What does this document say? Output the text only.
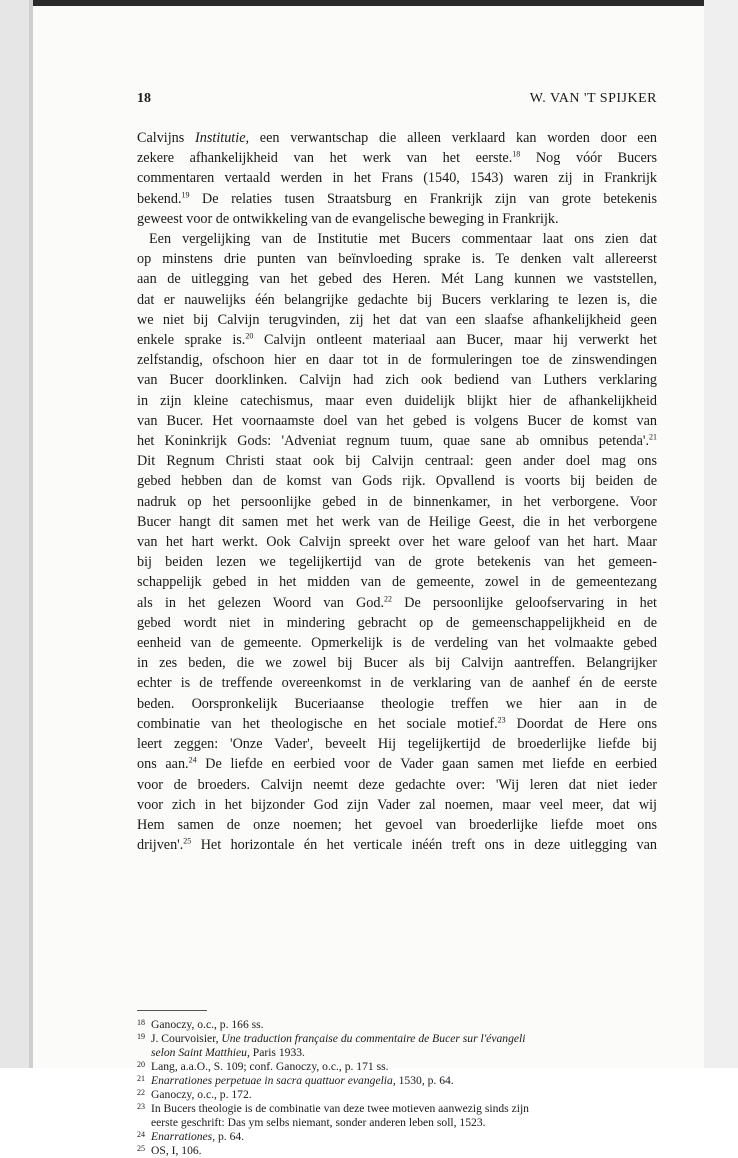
18	W. VAN 'T SPIJKER
Calvijns Institutie, een verwantschap die alleen verklaard kan worden door een
zekere afhankelijkheid van het werk van het eerste.$^{18}$ Nog vóór Bucers
commentaren vertaald werden in het Frans (1540, 1543) waren zij in Frankrijk
bekend.$^{19}$ De relaties tusen Straatsburg en Frankrijk zijn van grote betekenis
geweest voor de ontwikkeling van de evangelische beweging in Frankrijk.
Een vergelijking van de Institutie met Bucers commentaar laat ons zien dat
op minstens drie punten van beïnvloeding sprake is. Te denken valt allereerst
aan de uitlegging van het gebed des Heren. Mét Lang kunnen we vaststellen,
dat er nauwelijks één belangrijke gedachte bij Bucers verklaring te lezen is, die
we niet bij Calvijn terugvinden, zij het dat van een slaafse afhankelijkheid geen
enkele sprake is.$^{20}$ Calvijn ontleent materiaal aan Bucer, maar hij verwerkt het
zelfstandig, ofschoon hier en daar tot in de formuleringen toe de zinswendingen
van Bucer doorklinken. Calvijn had zich ook bediend van Luthers verklaring
in zijn kleine catechismus, maar even duidelijk blijkt hier de afhankelijkheid
van Bucer. Het voornaamste doel van het gebed is volgens Bucer de komst van
het Koninkrijk Gods: 'Adveniat regnum tuum, quae sane ab omnibus petenda'.$^{21}$
Dit Regnum Christi staat ook bij Calvijn centraal: geen ander doel mag ons
gebed hebben dan de komst van Gods rijk. Opvallend is voorts bij beiden de
nadruk op het persoonlijke gebed in de binnenkamer, in het verborgene. Voor
Bucer hangt dit samen met het werk van de Heilige Geest, die in het verborgene
van het hart werkt. Ook Calvijn spreekt over het ware geloof van het hart. Maar
bij beiden lezen we tegelijkertijd van de grote betekenis van het gemeen-
schappelijk gebed in het midden van de gemeente, zowel in de gemeentezang
als in het gelezen Woord van God.$^{22}$ De persoonlijke geloofservaring in het
gebed wordt niet in mindering gebracht op de gemeenschappelijkheid en de
eenheid van de gemeente. Opmerkelijk is de verdeling van het volmaakte gebed
in zes beden, die we zowel bij Bucer als bij Calvijn aantreffen. Belangrijker
echter is de treffende overeenkomst in de verklaring van de aanhef én de eerste
beden. Oorspronkelijk Buceriaanse theologie treffen we hier aan in de
combinatie van het theologische en het sociale motief.$^{23}$ Doordat de Here ons
leert zeggen: 'Onze Vader', beveelt Hij tegelijkertijd de broederlijke liefde bij
ons aan.$^{24}$ De liefde en eerbied voor de Vader gaan samen met liefde en eerbied
voor de broeders. Calvijn neemt deze gedachte over: 'Wij leren dat niet ieder
voor zich in het bijzonder God zijn Vader zal noemen, maar veel meer, dat wij
Hem samen de onze noemen; het gevoel van broederlijke liefde moet ons
drijven'.$^{25}$ Het horizontale én het verticale inéén treft ons in deze uitlegging van
18 Ganoczy, o.c., p. 166 ss.
19 J. Courvoisier, Une traduction française du commentaire de Bucer sur l'évangeli
selon Saint Matthieu, Paris 1933.
20 Lang, a.a.O., S. 109; conf. Ganoczy, o.c., p. 171 ss.
21 Enarrationes perpetuae in sacra quattuor evangelia, 1530, p. 64.
22 Ganoczy, o.c., p. 172.
23 In Bucers theologie is de combinatie van deze twee motieven aanwezig sinds zijn
eerste geschrift: Das ym selbs niemant, sonder anderen leben soll, 1523.
24 Enarrationes, p. 64.
25 OS, I, 106.
